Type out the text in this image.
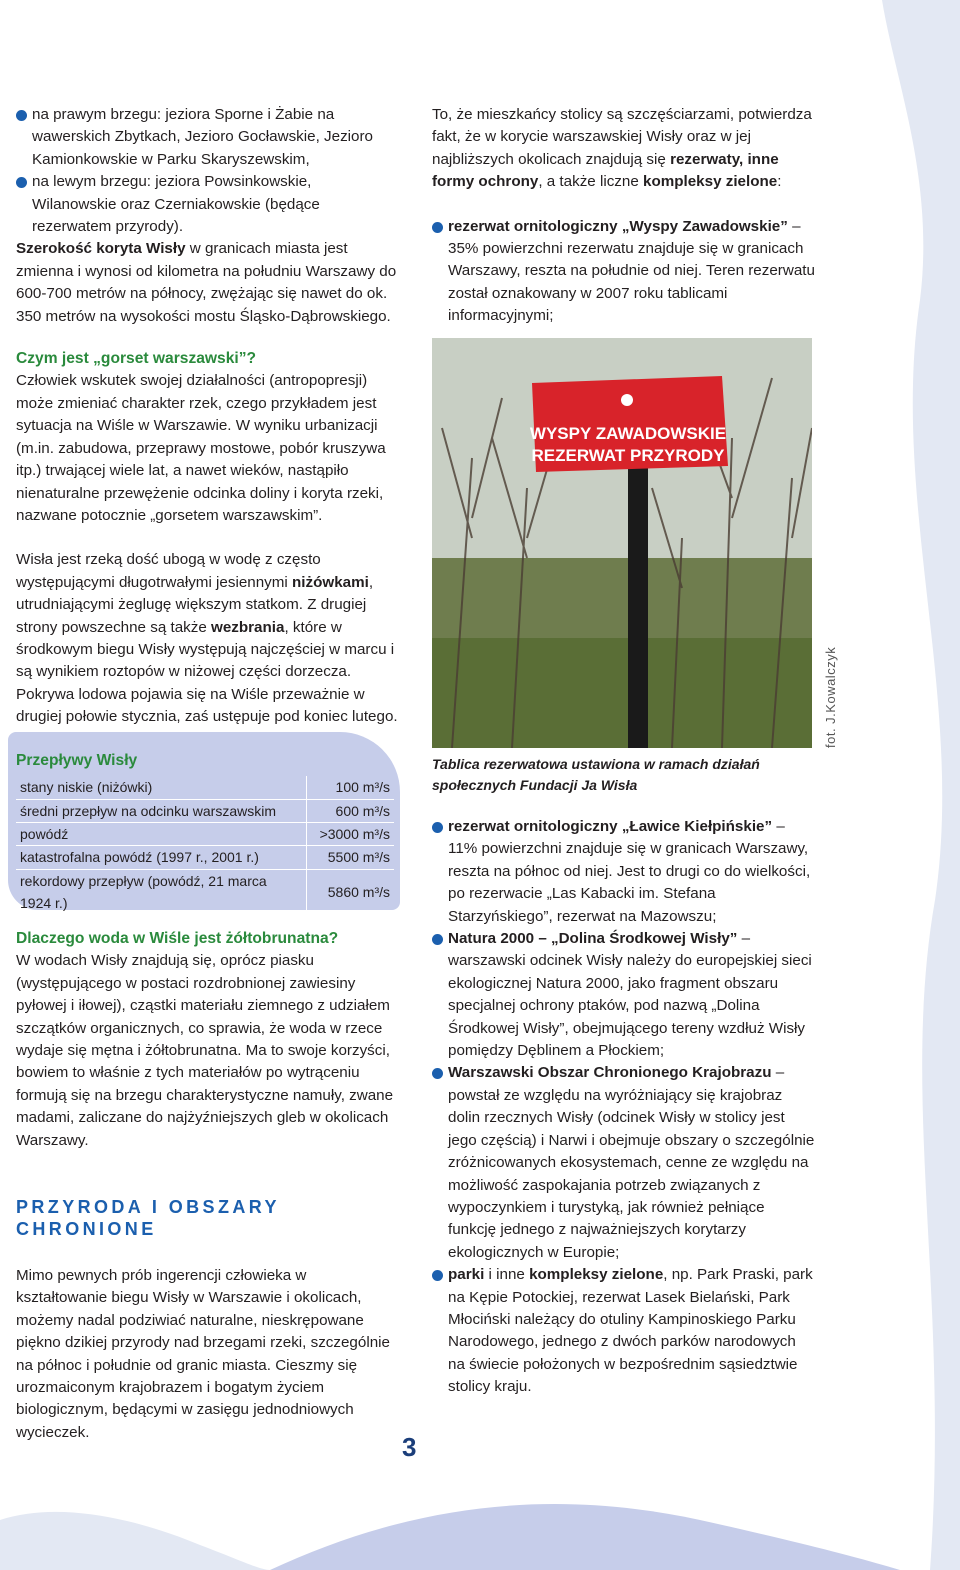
na prawym brzegu: jeziora Sporne i Żabie na wawerskich Zbytkach, Jezioro Gocławskie, Jezioro Kamionkowskie w Parku Skaryszewskim,

na lewym brzegu: jeziora Powsinkowskie, Wilanowskie oraz Czerniakowskie (będące rezerwatem przyrody).

Szerokość koryta Wisły w granicach miasta jest zmienna i wynosi od kilometra na południu Warszawy do 600-700 metrów na północy, zwężając się nawet do ok. 350 metrów na wysokości mostu Śląsko-Dąbrowskiego.

Czym jest „gorset warszawski”?

Człowiek wskutek swojej działalności (antropopresji) może zmieniać charakter rzek, czego przykładem jest sytuacja na Wiśle w Warszawie. W wyniku urbanizacji (m.in. zabudowa, przeprawy mostowe, pobór kruszywa itp.) trwającej wiele lat, a nawet wieków, nastąpiło nienaturalne przewężenie odcinka doliny i koryta rzeki, nazwane potocznie „gorsetem warszawskim”.

Wisła jest rzeką dość ubogą w wodę z często występującymi długotrwałymi jesiennymi niżówkami, utrudniającymi żeglugę większym statkom. Z drugiej strony powszechne są także wezbrania, które w środkowym biegu Wisły występują najczęściej w marcu i są wynikiem roztopów w niżowej części dorzecza. Pokrywa lodowa pojawia się na Wiśle przeważnie w drugiej połowie stycznia, zaś ustępuje pod koniec lutego.

Przepływy Wisły

stany niskie (niżówki)	100 m³/s
średni przepływ na odcinku warszawskim	600 m³/s
powódź	>3000 m³/s
katastrofalna powódź (1997 r., 2001 r.)	5500 m³/s
rekordowy przepływ (powódź, 21 marca 1924 r.)	5860 m³/s

Dlaczego woda w Wiśle jest żółtobrunatna?

W wodach Wisły znajdują się, oprócz piasku (występującego w postaci rozdrobnionej zawiesiny pyłowej i iłowej), cząstki materiału ziemnego z udziałem szczątków organicznych, co sprawia, że woda w rzece wydaje się mętna i żółtobrunatna. Ma to swoje korzyści, bowiem to właśnie z tych materiałów po wytrąceniu formują się na brzegu charakterystyczne namuły, zwane madami, zaliczane do najżyźniejszych gleb w okolicach Warszawy.

PRZYRODA I OBSZARY CHRONIONE

Mimo pewnych prób ingerencji człowieka w kształtowanie biegu Wisły w Warszawie i okolicach, możemy nadal podziwiać naturalne, nieskrępowane piękno dzikiej przyrody nad brzegami rzeki, szczególnie na północ i południe od granic miasta. Cieszmy się urozmaiconym krajobrazem i bogatym życiem biologicznym, będącymi w zasięgu jednodniowych wycieczek.

To, że mieszkańcy stolicy są szczęściarzami, potwierdza fakt, że w korycie warszawskiej Wisły oraz w jej najbliższych okolicach znajdują się rezerwaty, inne formy ochrony, a także liczne kompleksy zielone:

rezerwat ornitologiczny „Wyspy Zawadowskie” – 35% powierzchni rezerwatu znajduje się w granicach Warszawy, reszta na południe od niej. Teren rezerwatu został oznakowany w 2007 roku tablicami informacyjnymi;

WYSPY ZAWADOWSKIE
REZERWAT PRZYRODY
fot. J.Kowalczyk

Tablica rezerwatowa ustawiona w ramach działań społecznych Fundacji Ja Wisła

rezerwat ornitologiczny „Ławice Kiełpińskie” – 11% powierzchni znajduje się w granicach Warszawy, reszta na północ od niej. Jest to drugi co do wielkości, po rezerwacie „Las Kabacki im. Stefana Starzyńskiego”, rezerwat na Mazowszu;

Natura 2000 – „Dolina Środkowej Wisły” – warszawski odcinek Wisły należy do europejskiej sieci ekologicznej Natura 2000, jako fragment obszaru specjalnej ochrony ptaków, pod nazwą „Dolina Środkowej Wisły”, obejmującego tereny wzdłuż Wisły pomiędzy Dęblinem a Płockiem;

Warszawski Obszar Chronionego Krajobrazu – powstał ze względu na wyróżniający się krajobraz dolin rzecznych Wisły (odcinek Wisły w stolicy jest jego częścią) i Narwi i obejmuje obszary o szczególnie zróżnicowanych ekosystemach, cenne ze względu na możliwość zaspokajania potrzeb związanych z wypoczynkiem i turystyką, jak również pełniące funkcję jednego z najważniejszych korytarzy ekologicznych w Europie;

parki i inne kompleksy zielone, np. Park Praski, park na Kępie Potockiej, rezerwat Lasek Bielański, Park Młociński należący do otuliny Kampinoskiego Parku Narodowego, jednego z dwóch parków narodowych na świecie położonych w bezpośrednim sąsiedztwie stolicy kraju.

3
